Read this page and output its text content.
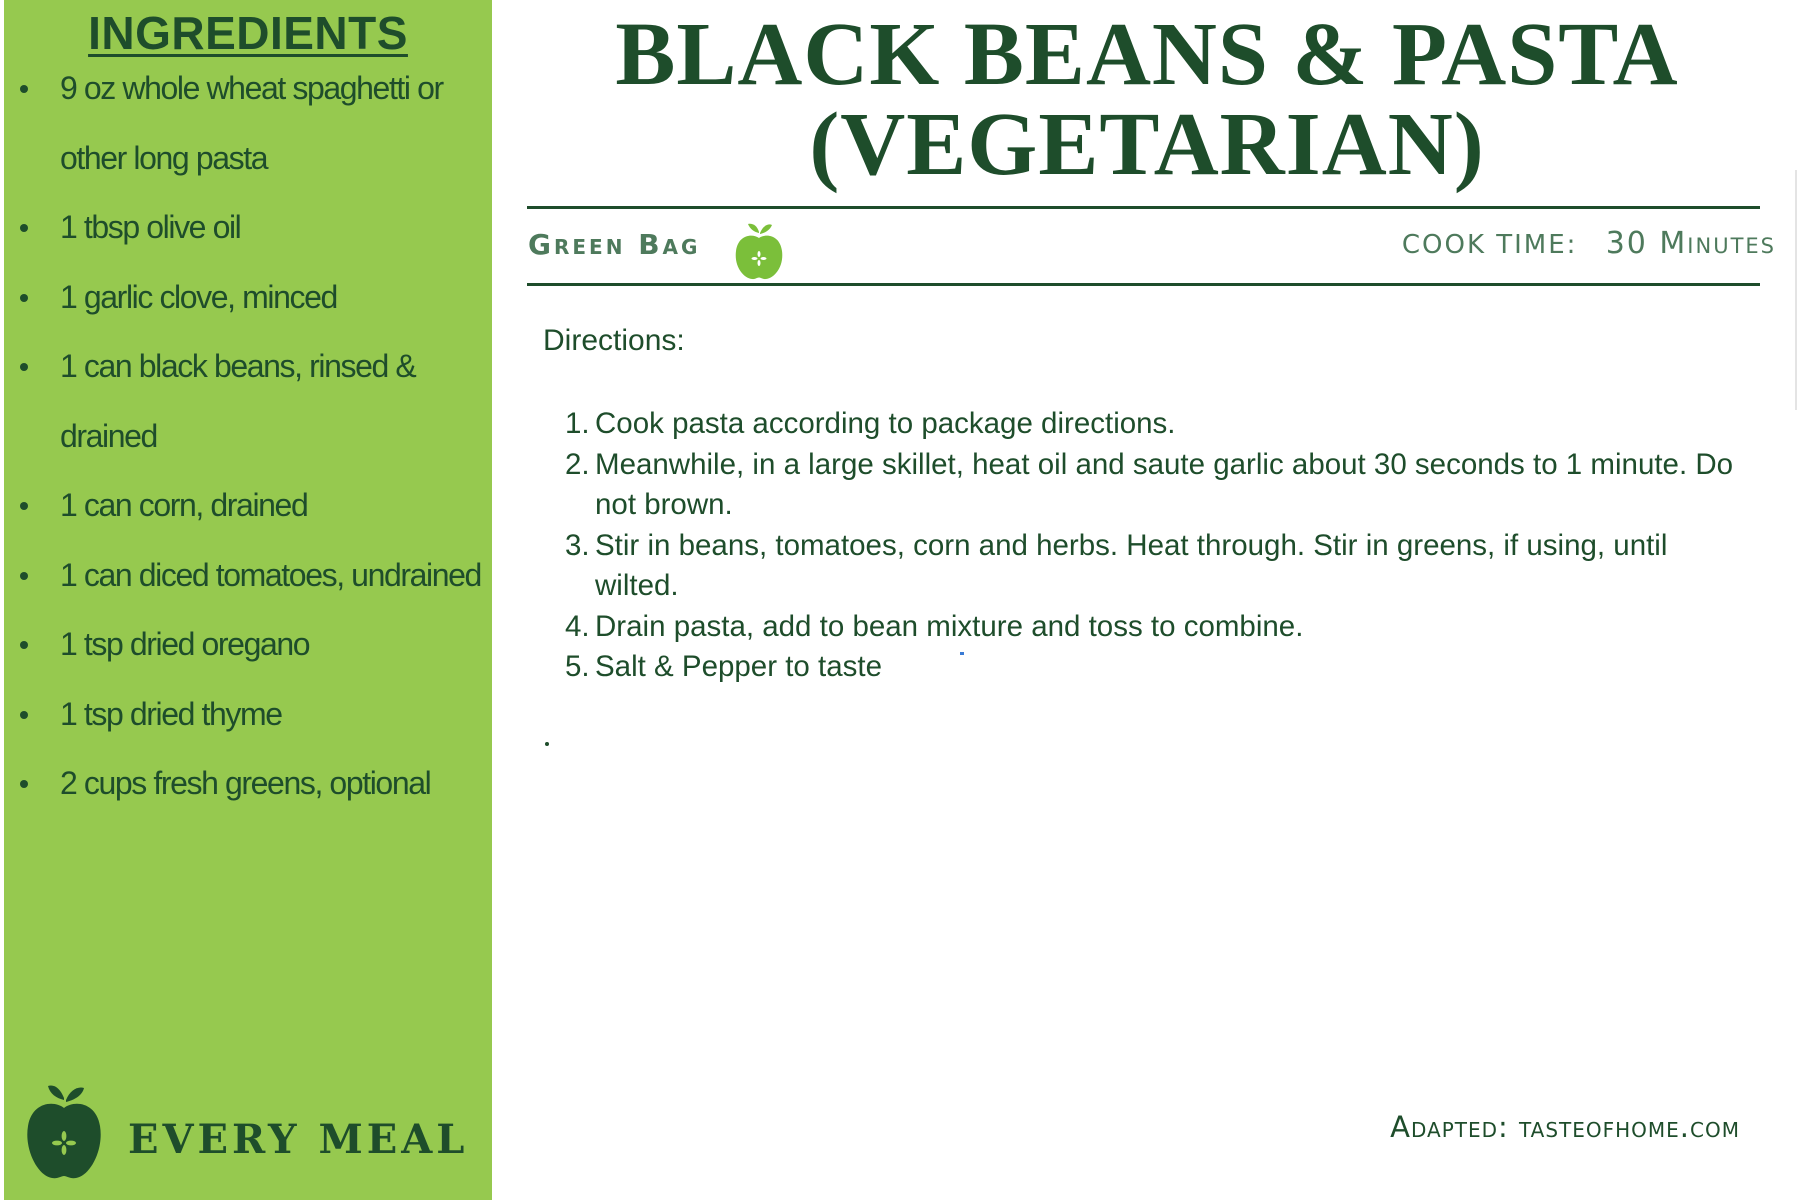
INGREDIENTS
9 oz whole wheat spaghetti or other long pasta
1 tbsp olive oil
1 garlic clove, minced
1 can black beans, rinsed & drained
1 can corn, drained
1 can diced tomatoes, undrained
1 tsp dried oregano
1 tsp dried thyme
2 cups fresh greens, optional
EVERY MEAL
BLACK BEANS & PASTA
(VEGETARIAN)
Green Bag	COOK TIME: 30 Minutes
Directions:
1. Cook pasta according to package directions.
2. Meanwhile, in a large skillet, heat oil and saute garlic about 30 seconds to 1 minute. Do not brown.
3. Stir in beans, tomatoes, corn and herbs. Heat through. Stir in greens, if using, until wilted.
4. Drain pasta, add to bean mixture and toss to combine.
5. Salt & Pepper to taste
Adapted: tasteofhome.com
